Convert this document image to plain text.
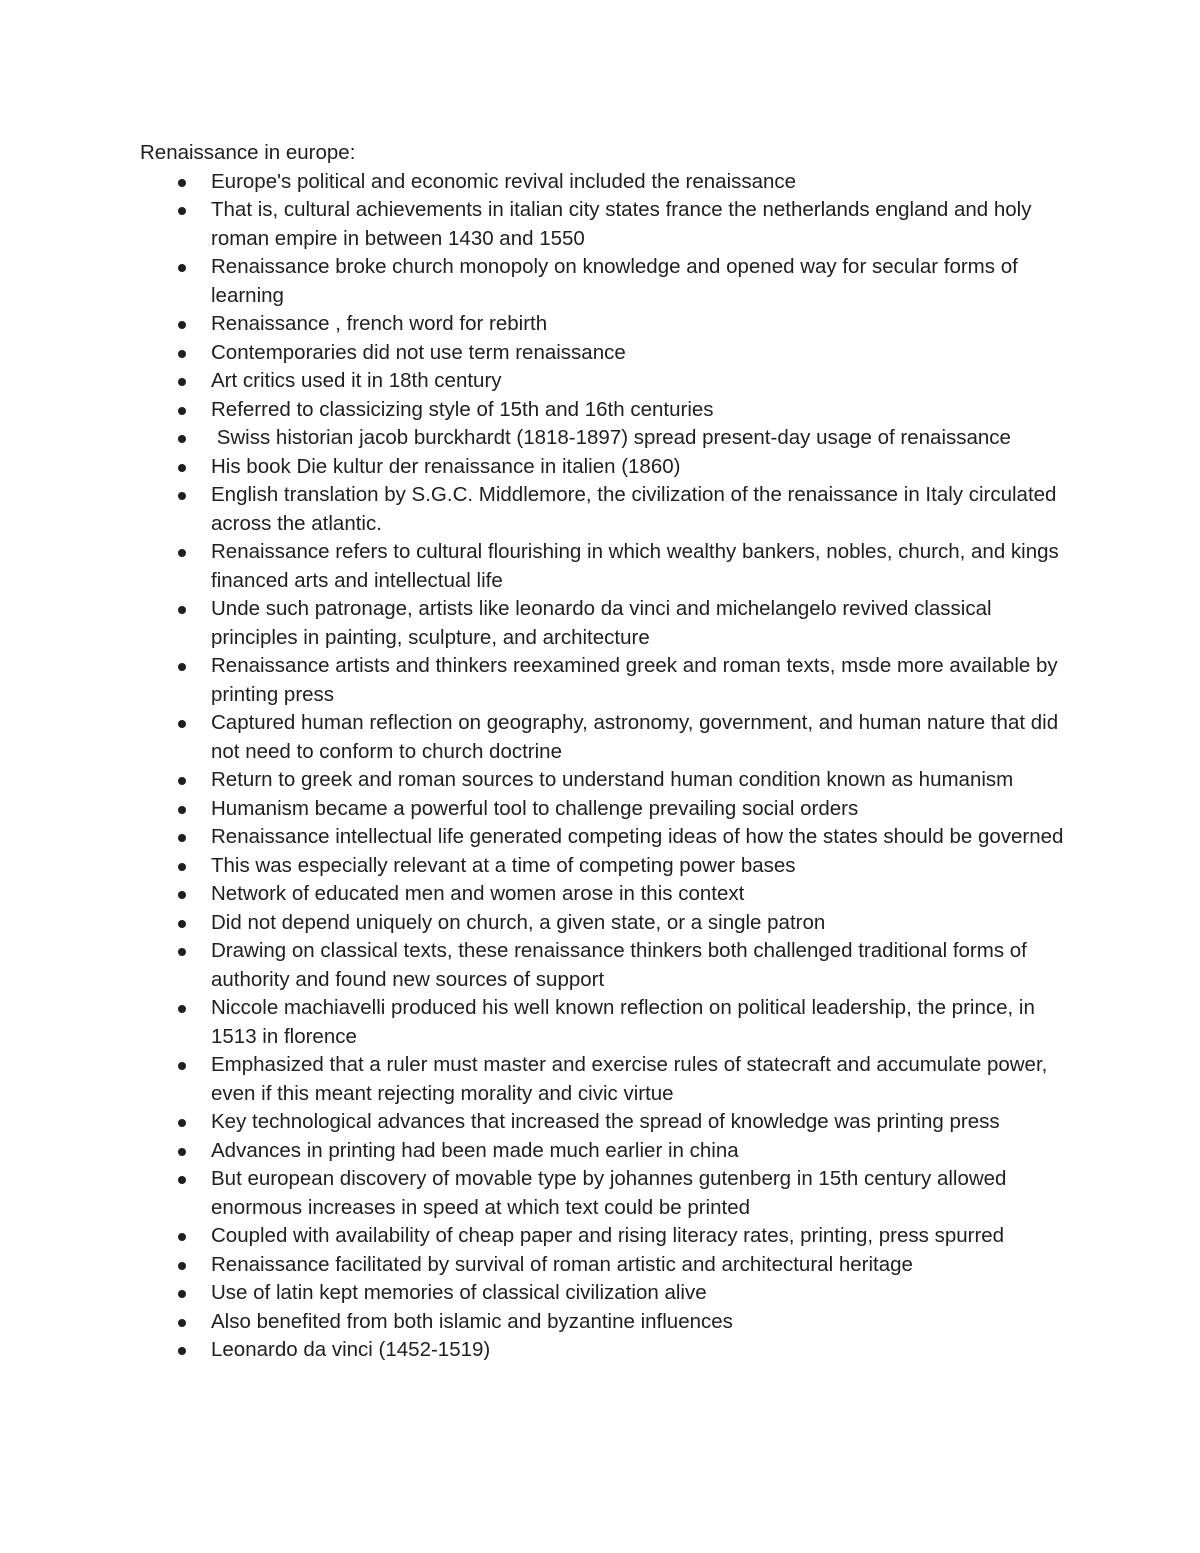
Renaissance in europe:
Europe's political and economic revival included the renaissance
That is, cultural achievements in italian city states france the netherlands england and holy roman empire in between 1430 and 1550
Renaissance broke church monopoly on knowledge and opened way for secular forms of learning
Renaissance , french word for rebirth
Contemporaries did not use term renaissance
Art critics used it in 18th century
Referred to classicizing style of 15th and 16th centuries
Swiss historian jacob burckhardt (1818-1897) spread present-day usage of renaissance
His book Die kultur der renaissance in italien (1860)
English translation by S.G.C. Middlemore, the civilization of the renaissance in Italy circulated across the atlantic.
Renaissance refers to cultural flourishing in which wealthy bankers, nobles, church, and kings financed arts and intellectual life
Unde such patronage, artists like leonardo da vinci and michelangelo revived classical principles in painting, sculpture, and architecture
Renaissance artists and thinkers reexamined greek and roman texts, msde more available by printing press
Captured human reflection on geography, astronomy, government, and human nature that did not need to conform to church doctrine
Return to greek and roman sources to understand human condition known as humanism
Humanism became a powerful tool to challenge prevailing social orders
Renaissance intellectual life generated competing ideas of how the states should be governed
This was especially relevant at a time of competing power bases
Network of educated men and women arose in this context
Did not depend uniquely on church, a given state, or a single patron
Drawing on classical texts, these renaissance thinkers both challenged traditional forms of authority and found new sources of support
Niccole machiavelli produced his well known reflection on political leadership, the prince, in 1513 in florence
Emphasized that a ruler must master and exercise rules of statecraft and accumulate power, even if this meant rejecting morality and civic virtue
Key technological advances that increased the spread of knowledge was printing press
Advances in printing had been made much earlier in china
But european discovery of movable type by johannes gutenberg in 15th century allowed enormous increases in speed at which text could be printed
Coupled with availability of cheap paper and rising literacy rates, printing, press spurred
Renaissance facilitated by survival of roman artistic and architectural heritage
Use of latin kept memories of classical civilization alive
Also benefited from both islamic and byzantine influences
Leonardo da vinci (1452-1519)
